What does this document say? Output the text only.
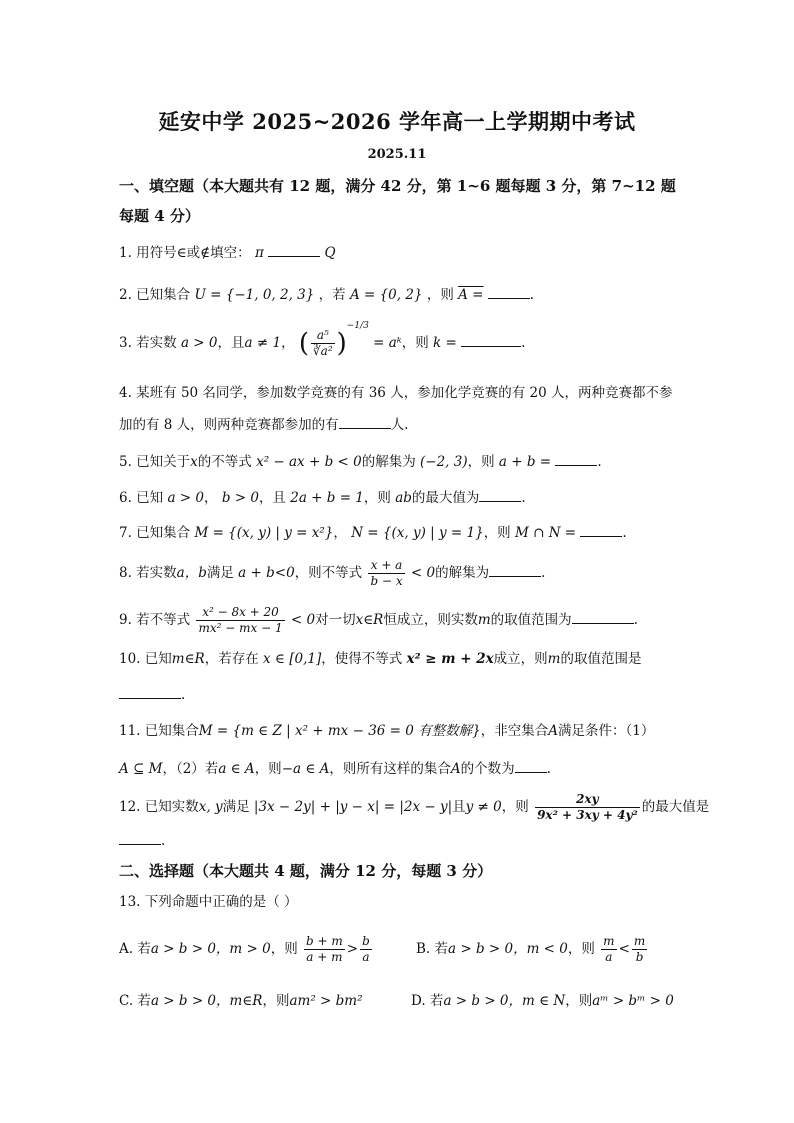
延安中学 2025~2026 学年高一上学期期中考试
2025.11
一、填空题（本大题共有 12 题，满分 42 分，第 1~6 题每题 3 分，第 7~12 题每题 4 分）
1. 用符号∈或∉填空： π	Q
2. 已知集合 U = {−1, 0, 2, 3} ，若 A = {0, 2} ，则 A =	.
3. 若实数 a > 0，且a ≠ 1， ( $\frac{\text{a⁵}}{\text{∛a²}} )^{-1/3}$ = aᵏ，则 k =	.
4. 某班有 50 名同学，参加数学竞赛的有 36 人，参加化学竞赛的有 20 人，两种竞赛都不参
加的有 8 人，则两种竞赛都参加的有	人.
5. 已知关于x的不等式 x² − ax + b < 0的解集为 (−2, 3)，则 a + b =	.
6. 已知 a > 0， b > 0，且 2a + b = 1，则 ab的最大值为	.
7. 已知集合 M = {(x, y) | y = x²}， N = {(x, y) | y = 1}，则 M ∩ N =	.
8. 若实数a，b满足 a + b<0，则不等式 $\frac{x + a}{b - x} < 0$的解集为	.
9. 若不等式 $\frac{\text{x² − 8x + 20}}{\text{mx² − mx − 1}} < 0$对一切x∈R恒成立，则实数m的取值范围为	.
10. 已知m∈R，若存在 x ∈ [0,1]，使得不等式 x² ≥ m + 2x成立，则m的取值范围是
.
11. 已知集合M = {m ∈ Z | x² + mx − 36 = 0 有整数解}，非空集合A满足条件：（1）
A ⊆ M，（2）若a ∈ A，则−a ∈ A，则所有这样的集合A的个数为 .
12. 已知实数x, y满足 |3x − 2y| + |y − x| = |2x − y|且y ≠ 0，则 $\frac{2xy}{\text{9x² + 3xy + 4y²}}$ 的最大值是
.
二、选择题（本大题共 4 题，满分 12 分，每题 3 分）
13. 下列命题中正确的是（ ）
A. 若a > b > 0，m > 0，则 $\frac{b + m}{a + m} > \frac{b}{a}$	B. 若a > b > 0，m < 0，则 $\frac{m}{a} < \frac{m}{b}$
C. 若a > b > 0，m∈R，则am² > bm²	D. 若a > b > 0，m ∈ N，则aᵐ > bᵐ > 0
